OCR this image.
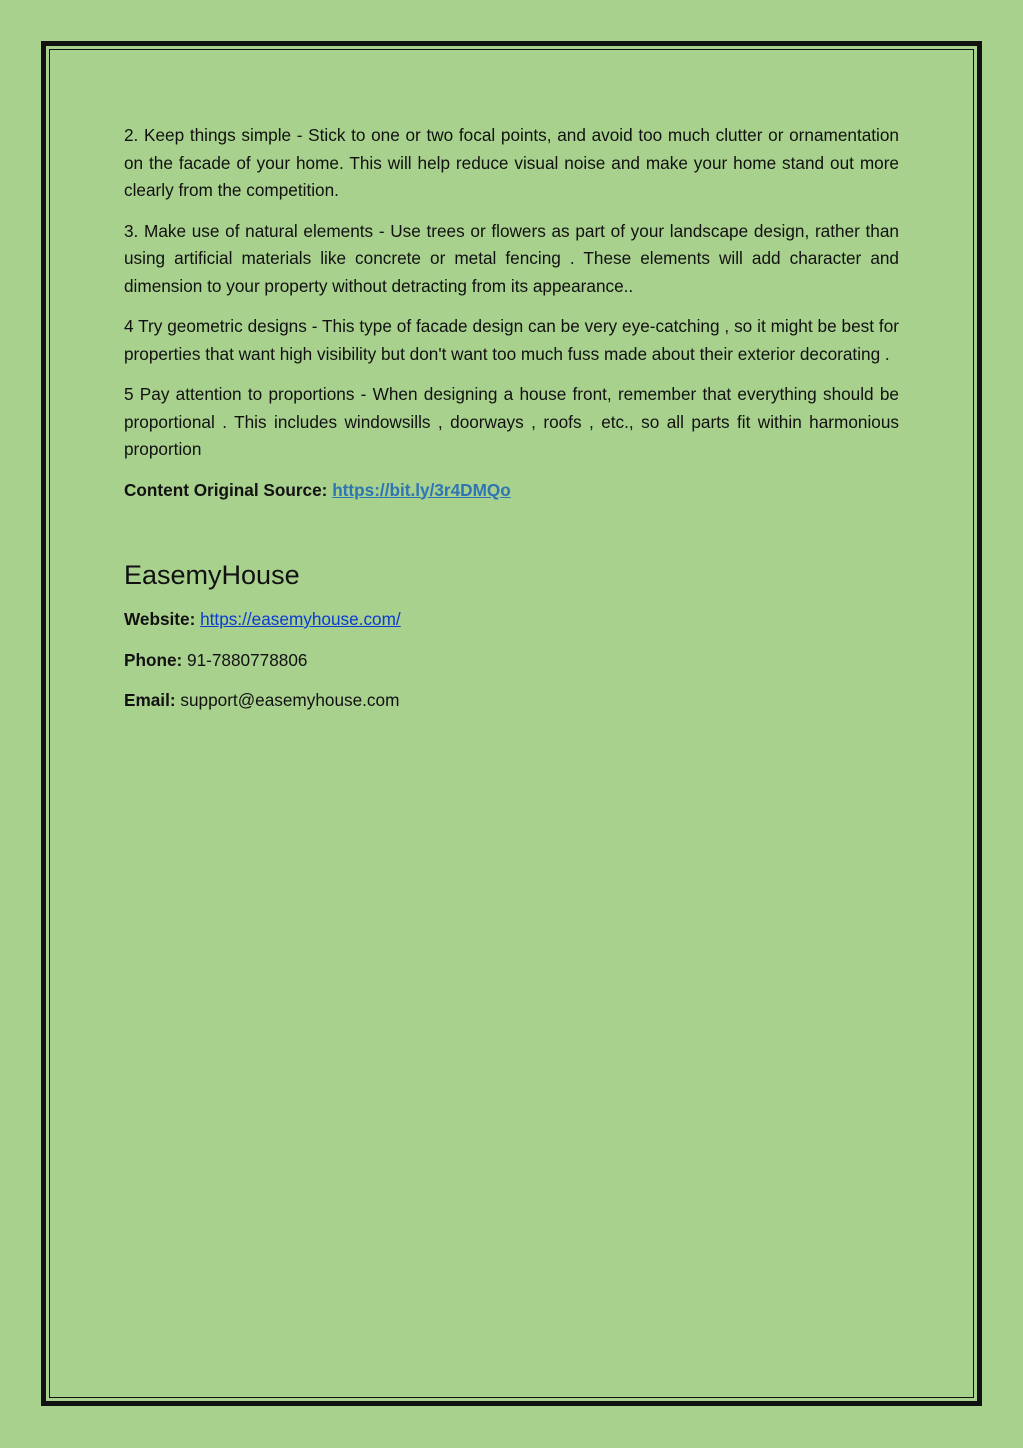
2. Keep things simple - Stick to one or two focal points, and avoid too much clutter or ornamentation on the facade of your home. This will help reduce visual noise and make your home stand out more clearly from the competition.

3. Make use of natural elements - Use trees or flowers as part of your landscape design, rather than using artificial materials like concrete or metal fencing . These elements will add character and dimension to your property without detracting from its appearance..

4 Try geometric designs - This type of facade design can be very eye-catching , so it might be best for properties that want high visibility but don't want too much fuss made about their exterior decorating .

5 Pay attention to proportions - When designing a house front, remember that everything should be proportional . This includes windowsills , doorways , roofs , etc., so all parts fit within harmonious proportion

Content Original Source: https://bit.ly/3r4DMQo

EasemyHouse

Website: https://easemyhouse.com/

Phone: 91-7880778806

Email: support@easemyhouse.com
